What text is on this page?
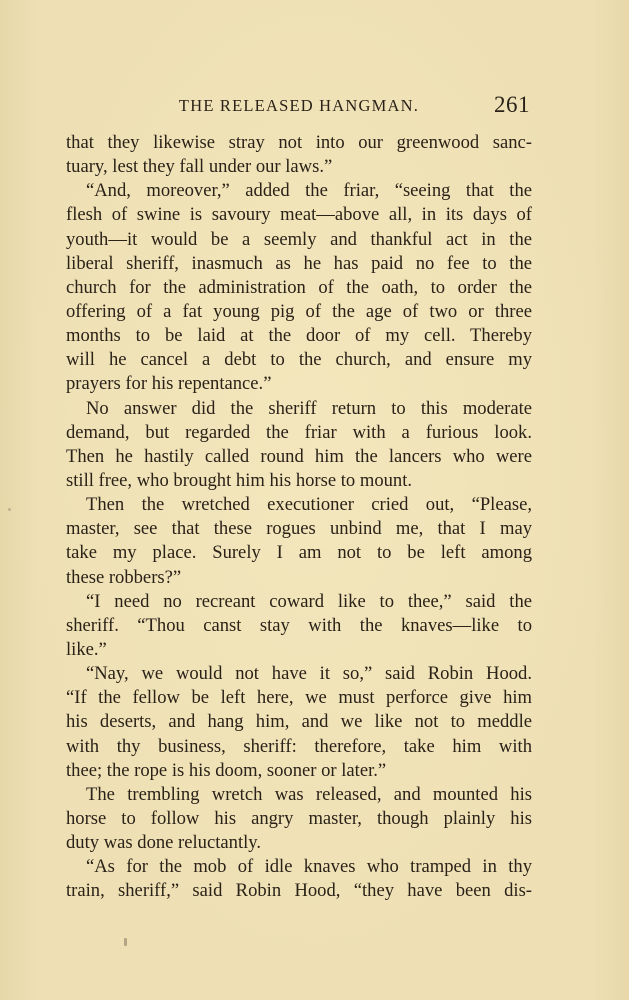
THE RELEASED HANGMAN.	261
that they likewise stray not into our greenwood sanc-
tuary, lest they fall under our laws.”
“And, moreover,” added the friar, “seeing that the
flesh of swine is savoury meat—above all, in its days of
youth—it would be a seemly and thankful act in the
liberal sheriff, inasmuch as he has paid no fee to the
church for the administration of the oath, to order the
offering of a fat young pig of the age of two or three
months to be laid at the door of my cell. Thereby
will he cancel a debt to the church, and ensure my
prayers for his repentance.”
No answer did the sheriff return to this moderate
demand, but regarded the friar with a furious look.
Then he hastily called round him the lancers who were
still free, who brought him his horse to mount.
Then the wretched executioner cried out, “Please,
master, see that these rogues unbind me, that I may
take my place. Surely I am not to be left among
these robbers?”
“I need no recreant coward like to thee,” said the
sheriff. “Thou canst stay with the knaves—like to
like.”
“Nay, we would not have it so,” said Robin Hood.
“If the fellow be left here, we must perforce give him
his deserts, and hang him, and we like not to meddle
with thy business, sheriff: therefore, take him with
thee; the rope is his doom, sooner or later.”
The trembling wretch was released, and mounted his
horse to follow his angry master, though plainly his
duty was done reluctantly.
“As for the mob of idle knaves who tramped in thy
train, sheriff,” said Robin Hood, “they have been dis-
